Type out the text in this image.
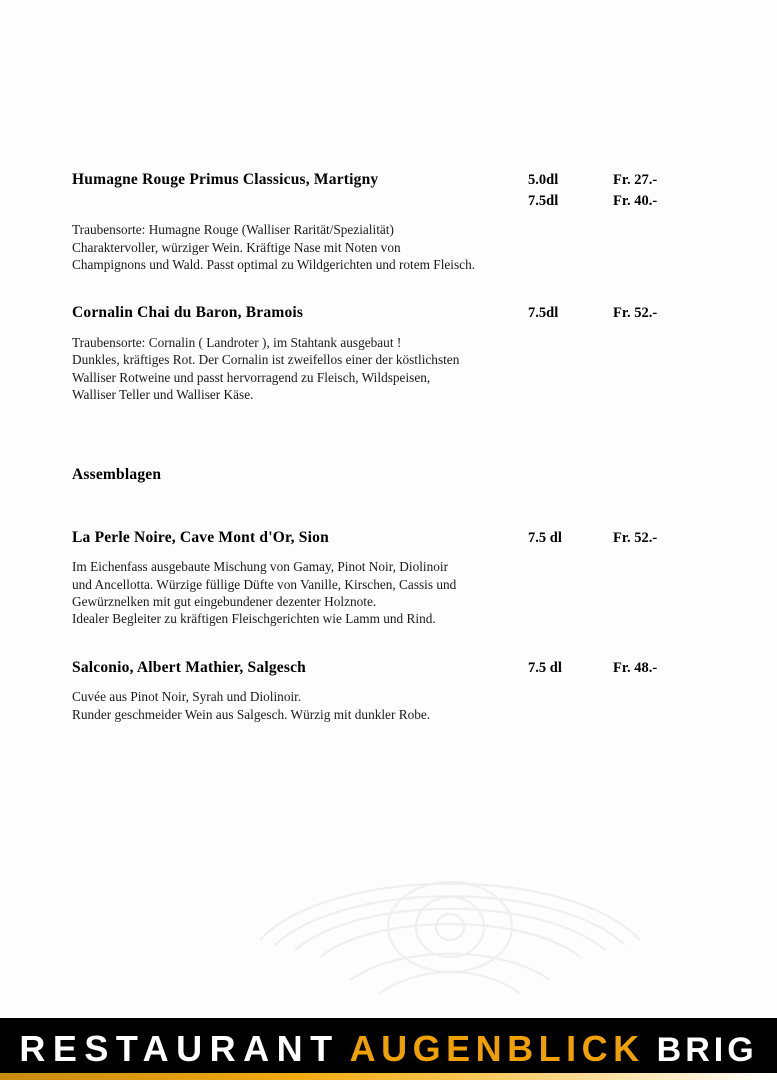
Humagne Rouge Primus Classicus, Martigny	5.0dl	Fr. 27.-
7.5dl	Fr. 40.-
Traubensorte: Humagne Rouge (Walliser Rarität/Spezialität)
Charaktervoller, würziger Wein. Kräftige Nase mit Noten von
Champignons und Wald. Passt optimal zu Wildgerichten und rotem Fleisch.
Cornalin Chai du Baron, Bramois	7.5dl	Fr. 52.-
Traubensorte: Cornalin ( Landroter ), im Stahtank ausgebaut !
Dunkles, kräftiges Rot. Der Cornalin ist zweifellos einer der köstlichsten
Walliser Rotweine und passt hervorragend zu Fleisch, Wildspeisen,
Walliser Teller und Walliser Käse.
Assemblagen
La Perle Noire, Cave Mont d'Or, Sion	7.5 dl	Fr. 52.-
Im Eichenfass ausgebaute Mischung von Gamay, Pinot Noir, Diolinoir
und Ancellotta. Würzige füllige Düfte von Vanille, Kirschen, Cassis und
Gewürznelken mit gut eingebundener dezenter Holznote.
Idealer Begleiter zu kräftigen Fleischgerichten wie Lamm und Rind.
Salconio, Albert Mathier, Salgesch	7.5 dl	Fr. 48.-
Cuvée aus Pinot Noir, Syrah und Diolinoir.
Runder geschmeider Wein aus Salgesch. Würzig mit dunkler Robe.
RESTAURANT AUGENBLICK BRIG
